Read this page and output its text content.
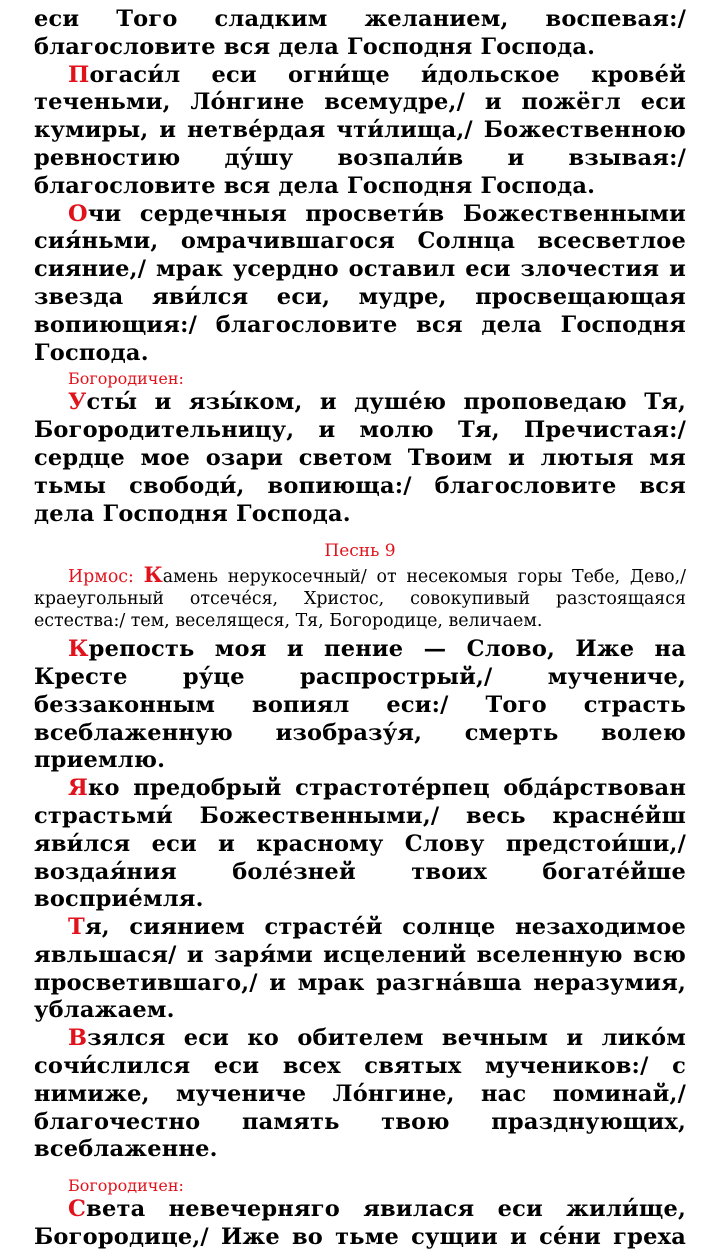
еси Того сладким желанием, воспевая:/ благословите вся дела Господня Господа.

Погаси́л еси огни́ще и́дольское крове́й теченьми, Ло́нгине всемудре,/ и пожёгл еси кумиры, и нетве́рдая чти́лища,/ Божественною ревностию ду́шу возпали́в и взывая:/ благословите вся дела Господня Господа.

Очи сердечныя просвети́в Божественными сия́ньми, омрачившагося Солнца всесветлое сияние,/ мрак усердно оставил еси злочестия и звезда яви́лся еси, мудре, просвещающая вопиющия:/ благословите вся дела Господня Господа.

Богородичен:

Усты́ и язы́ком, и душе́ю проповедаю Тя, Богородительницу, и молю Тя, Пречистая:/ сердце мое озари светом Твоим и лютыя мя тьмы свободи́, вопиюща:/ благословите вся дела Господня Господа.

Песнь 9

Ирмос: Камень нерукосечный/ от несекомыя горы Тебе, Дево,/ краеугольный отсече́ся, Христос, совокупивый разстоящаяся естества:/ тем, веселящеся, Тя, Богородице, величаем.

Крепость моя и пение — Слово, Иже на Кресте ру́це распрострый,/ мучениче, беззаконным вопиял еси:/ Того страсть всеблаженную изобразу́я, смерть волею приемлю.

Яко предобрый страстоте́рпец обда́рствован страстьми́ Божественными,/ весь красне́йш яви́лся еси и красному Слову предстои́ши,/ воздая́ния боле́зней твоих богате́йше восприе́мля.

Тя, сиянием страсте́й солнце незаходимое явльшася/ и заря́ми исцелений вселенную всю просветившаго,/ и мрак разгна́вша неразумия, ублажаем.

Взялся еси ко обителем вечным и лико́м сочи́слился еси всех святых мучеников:/ с нимиже, мучениче Ло́нгине, нас поминай,/ благочестно память твою празднующих, всеблаженне.

Богородичен:

Света невечерняго явилася еси жили́ще, Богородице,/ Иже во тьме сущии и се́ни греха
